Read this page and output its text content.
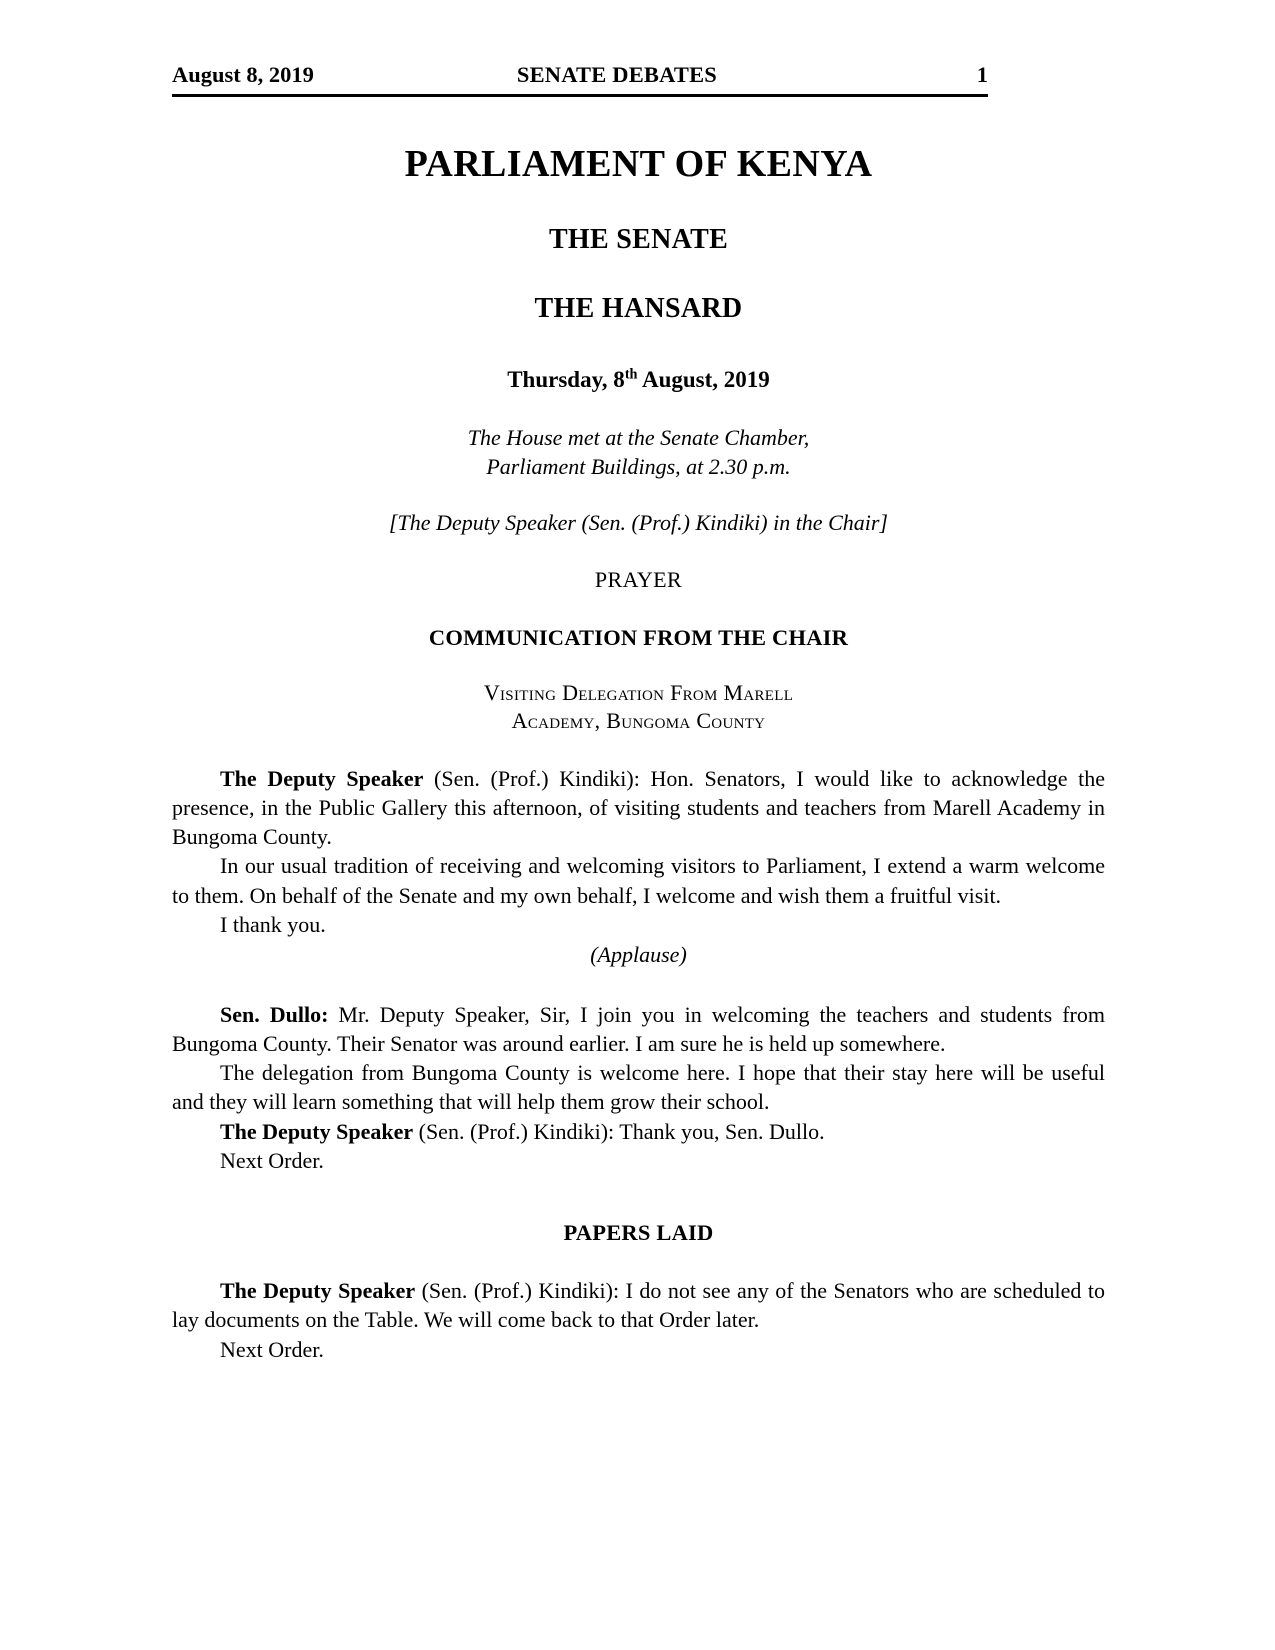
August 8, 2019	SENATE DEBATES	1
PARLIAMENT OF KENYA
THE SENATE
THE HANSARD
Thursday, 8th August, 2019
The House met at the Senate Chamber,
Parliament Buildings, at 2.30 p.m.
[The Deputy Speaker (Sen. (Prof.) Kindiki) in the Chair]
PRAYER
COMMUNICATION FROM THE CHAIR
Visiting Delegation From Marell
Academy, Bungoma County

The Deputy Speaker (Sen. (Prof.) Kindiki): Hon. Senators, I would like to acknowledge the presence, in the Public Gallery this afternoon, of visiting students and teachers from Marell Academy in Bungoma County.

In our usual tradition of receiving and welcoming visitors to Parliament, I extend a warm welcome to them. On behalf of the Senate and my own behalf, I welcome and wish them a fruitful visit.

I thank you.

(Applause)

Sen. Dullo: Mr. Deputy Speaker, Sir, I join you in welcoming the teachers and students from Bungoma County. Their Senator was around earlier. I am sure he is held up somewhere.

The delegation from Bungoma County is welcome here. I hope that their stay here will be useful and they will learn something that will help them grow their school.

The Deputy Speaker (Sen. (Prof.) Kindiki): Thank you, Sen. Dullo.

Next Order.

PAPERS LAID

The Deputy Speaker (Sen. (Prof.) Kindiki): I do not see any of the Senators who are scheduled to lay documents on the Table. We will come back to that Order later.

Next Order.
